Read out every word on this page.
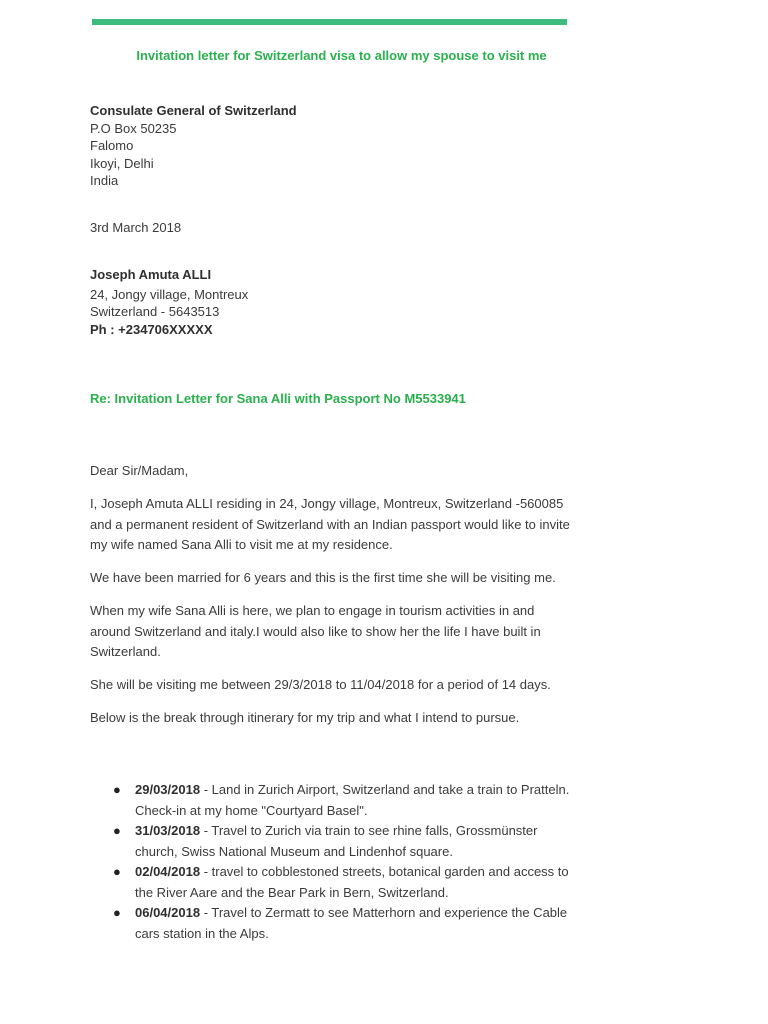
Invitation letter for Switzerland visa to allow my spouse to visit me
Consulate General of Switzerland
P.O Box 50235
Falomo
Ikoyi, Delhi
India
3rd March 2018
Joseph Amuta ALLI
24, Jongy village, Montreux
Switzerland - 5643513
Ph : +234706XXXXX
Re: Invitation Letter for Sana Alli with Passport No M5533941

Dear Sir/Madam,

I, Joseph Amuta ALLI residing in 24, Jongy village, Montreux, Switzerland -560085 and a permanent resident of Switzerland with an Indian passport would like to invite my wife named Sana Alli to visit me at my residence.

We have been married for 6 years and this is the first time she will be visiting me.

When my wife Sana Alli is here, we plan to engage in tourism activities in and around Switzerland and italy.I would also like to show her the life I have built in Switzerland.

She will be visiting me between 29/3/2018 to 11/04/2018 for a period of 14 days.

Below is the break through itinerary for my trip and what I intend to pursue.

● 29/03/2018 - Land in Zurich Airport, Switzerland and take a train to Pratteln. Check-in at my home "Courtyard Basel".
● 31/03/2018 - Travel to Zurich via train to see rhine falls, Grossmünster church, Swiss National Museum and Lindenhof square.
● 02/04/2018 - travel to cobblestoned streets, botanical garden and access to the River Aare and the Bear Park in Bern, Switzerland.
● 06/04/2018 - Travel to Zermatt to see Matterhorn and experience the Cable cars station in the Alps.
